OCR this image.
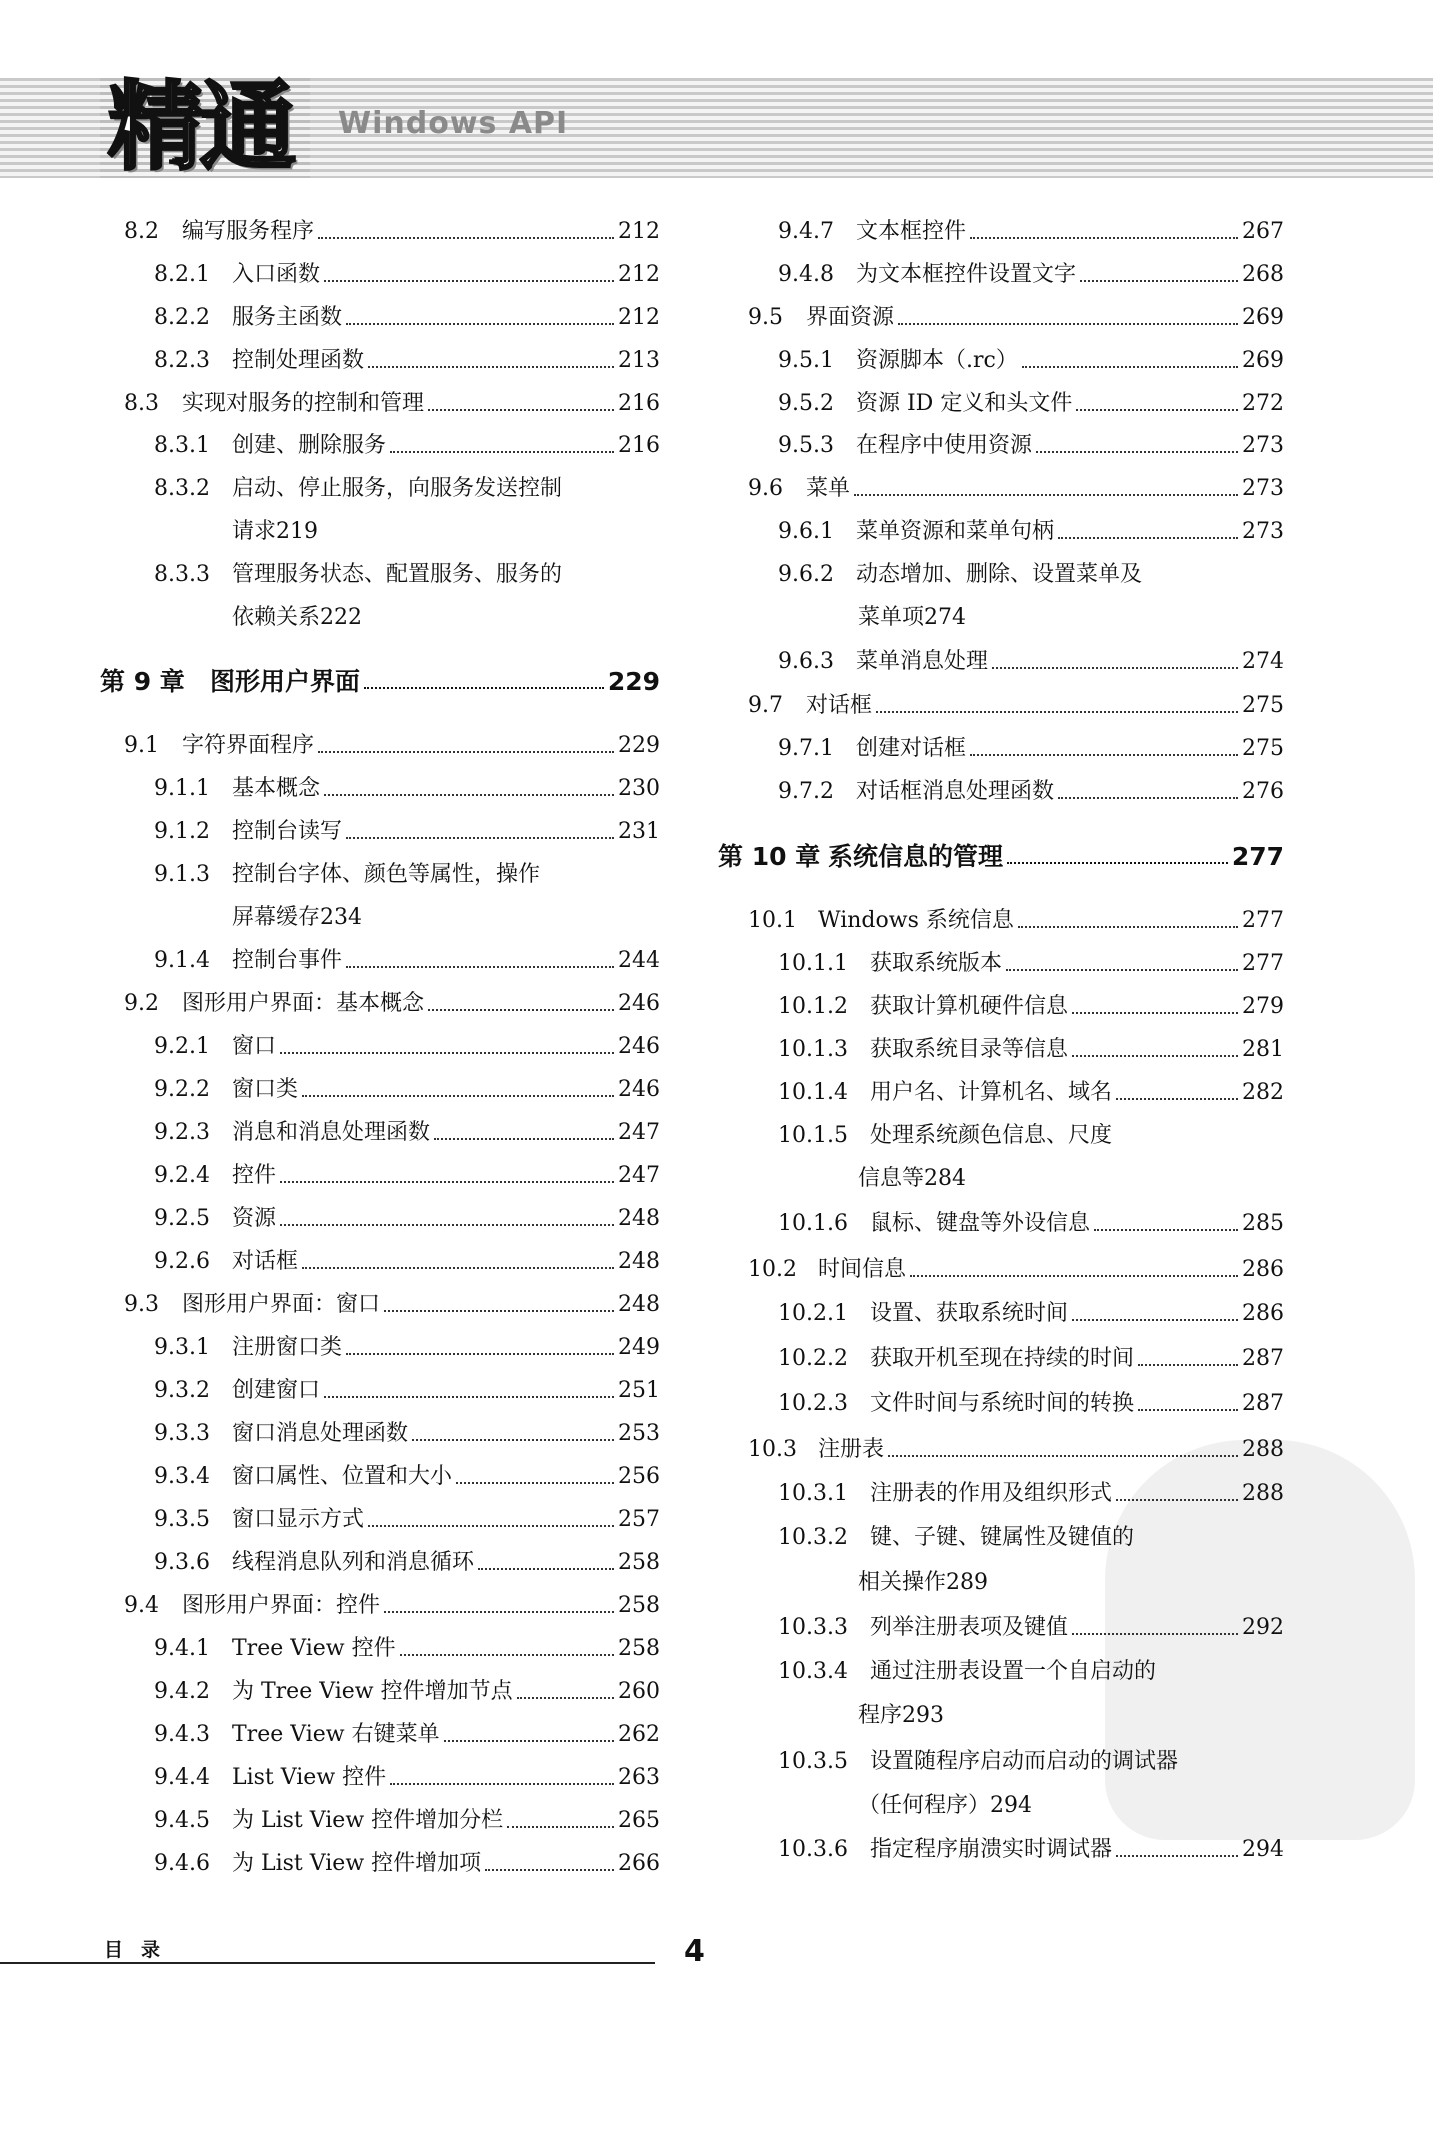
精通 Windows API
8.2	编写服务程序	212
8.2.1	入口函数	212
8.2.2	服务主函数	212
8.2.3	控制处理函数	213
8.3	实现对服务的控制和管理	216
8.3.1	创建、删除服务	216
8.3.2	启动、停止服务，向服务发送控制
请求 219
8.3.3	管理服务状态、配置服务、服务的
依赖关系 222
第 9 章	图形用户界面	229
9.1	字符界面程序	229
9.1.1	基本概念	230
9.1.2	控制台读写	231
9.1.3	控制台字体、颜色等属性，操作
屏幕缓存 234
9.1.4	控制台事件	244
9.2	图形用户界面：基本概念	246
9.2.1	窗口	246
9.2.2	窗口类	246
9.2.3	消息和消息处理函数	247
9.2.4	控件	247
9.2.5	资源	248
9.2.6	对话框	248
9.3	图形用户界面：窗口	248
9.3.1	注册窗口类	249
9.3.2	创建窗口	251
9.3.3	窗口消息处理函数	253
9.3.4	窗口属性、位置和大小	256
9.3.5	窗口显示方式	257
9.3.6	线程消息队列和消息循环	258
9.4	图形用户界面：控件	258
9.4.1	Tree View 控件	258
9.4.2	为 Tree View 控件增加节点	260
9.4.3	Tree View 右键菜单	262
9.4.4	List View 控件	263
9.4.5	为 List View 控件增加分栏	265
9.4.6	为 List View 控件增加项	266
9.4.7	文本框控件	267
9.4.8	为文本框控件设置文字	268
9.5	界面资源	269
9.5.1	资源脚本（.rc）	269
9.5.2	资源 ID 定义和头文件	272
9.5.3	在程序中使用资源	273
9.6	菜单	273
9.6.1	菜单资源和菜单句柄	273
9.6.2	动态增加、删除、设置菜单及
菜单项 274
9.6.3	菜单消息处理	274
9.7	对话框	275
9.7.1	创建对话框	275
9.7.2	对话框消息处理函数	276
第 10 章 系统信息的管理	277
10.1 Windows 系统信息	277
10.1.1	获取系统版本	277
10.1.2	获取计算机硬件信息	279
10.1.3	获取系统目录等信息	281
10.1.4	用户名、计算机名、域名	282
10.1.5	处理系统颜色信息、尺度
信息等 284
10.1.6	鼠标、键盘等外设信息	285
10.2 时间信息	286
10.2.1	设置、获取系统时间	286
10.2.2	获取开机至现在持续的时间	287
10.2.3	文件时间与系统时间的转换	287
10.3 注册表	288
10.3.1	注册表的作用及组织形式	288
10.3.2	键、子键、键属性及键值的
相关操作 289
10.3.3	列举注册表项及键值	292
10.3.4	通过注册表设置一个自启动的
程序 293
10.3.5	设置随程序启动而启动的调试器
（任何程序） 294
10.3.6	指定程序崩溃实时调试器	294
目录	4
